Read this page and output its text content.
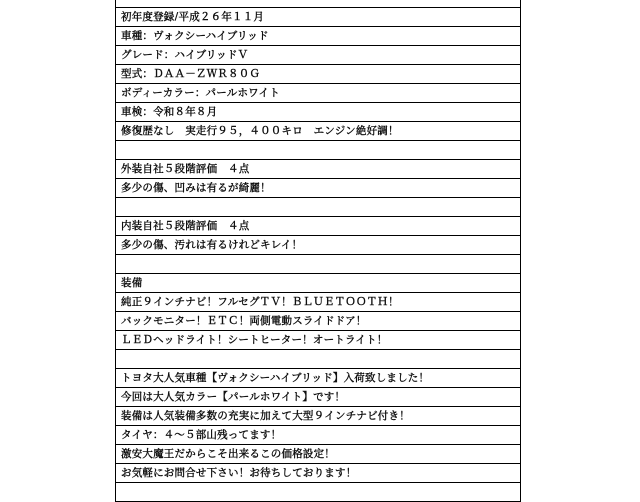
初年度登録/平成２６年１１月
車種：ヴォクシーハイブリッド
グレード：ハイブリッドＶ
型式：ＤＡＡ－ＺＷＲ８０Ｇ
ボディーカラー：パールホワイト
車検：令和８年８月
修復歴なし　実走行９５，４００キロ　エンジン絶好調！
外装自社５段階評価　４点
多少の傷、凹みは有るが綺麗！
内装自社５段階評価　４点
多少の傷、汚れは有るけれどキレイ！
装備
純正９インチナビ！フルセグＴＶ！ＢＬＵＥＴＯＯＴＨ！
バックモニター！ＥＴＣ！両側電動スライドドア！
ＬＥＤヘッドライト！シートヒーター！オートライト！
トヨタ大人気車種【ヴォクシーハイブリッド】入荷致しました！
今回は大人気カラー【パールホワイト】です！
装備は人気装備多数の充実に加えて大型９インチナビ付き！
タイヤ：４～５部山残ってます！
激安大魔王だからこそ出来るこの価格設定！
お気軽にお問合せ下さい！お待ちしております！
